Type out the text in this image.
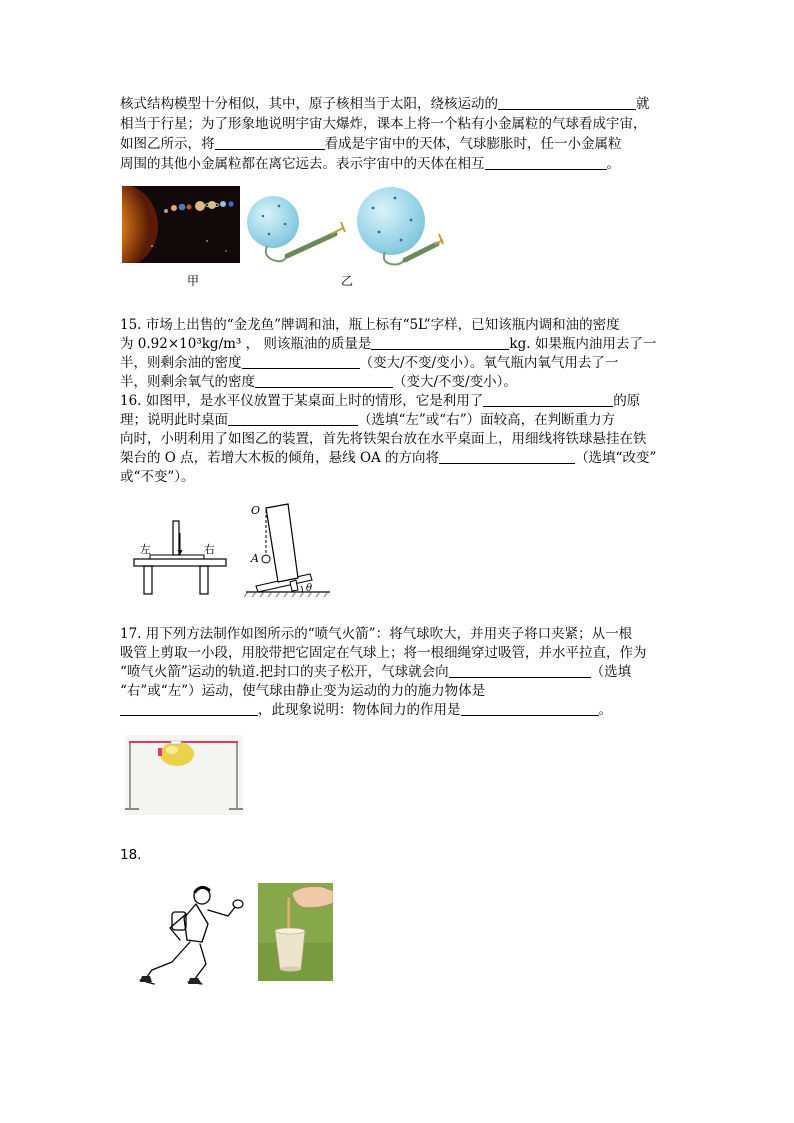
核式结构模型十分相似，其中，原子核相当于太阳，绕核运动的	就
相当于行星；为了形象地说明宇宙大爆炸，课本上将一个粘有小金属粒的气球看成宇宙，
如图乙所示，将	看成是宇宙中的天体，气球膨胀时，任一小金属粒
周围的其他小金属粒都在离它远去。表示宇宙中的天体在相互	。
甲	乙
15. 市场上出售的“金龙鱼”牌调和油，瓶上标有“5L”字样，已知该瓶内调和油的密度
为 0.92×10³kg/m³ ， 则该瓶油的质量是	kg. 如果瓶内油用去了一
半，则剩余油的密度	（变大/不变/变小）。氧气瓶内氧气用去了一
半，则剩余氧气的密度	（变大/不变/变小）。
16. 如图甲，是水平仪放置于某桌面上时的情形，它是利用了	的原
理；说明此时桌面	（选填“左”或“右”）面较高，在判断重力方
向时，小明利用了如图乙的装置，首先将铁架台放在水平桌面上，用细线将铁球悬挂在铁
架台的 O 点，若增大木板的倾角，悬线 OA 的方向将	（选填“改变”
或“不变”）。
左	右
O
A
θ
17. 用下列方法制作如图所示的“喷气火箭”：将气球吹大，并用夹子将口夹紧；从一根
吸管上剪取一小段，用胶带把它固定在气球上；将一根细绳穿过吸管，并水平拉直，作为
“喷气火箭”运动的轨道.把封口的夹子松开，气球就会向	（选填
“右”或“左”）运动，使气球由静止变为运动的力的施力物体是
，此现象说明：物体间力的作用是	。
18.
